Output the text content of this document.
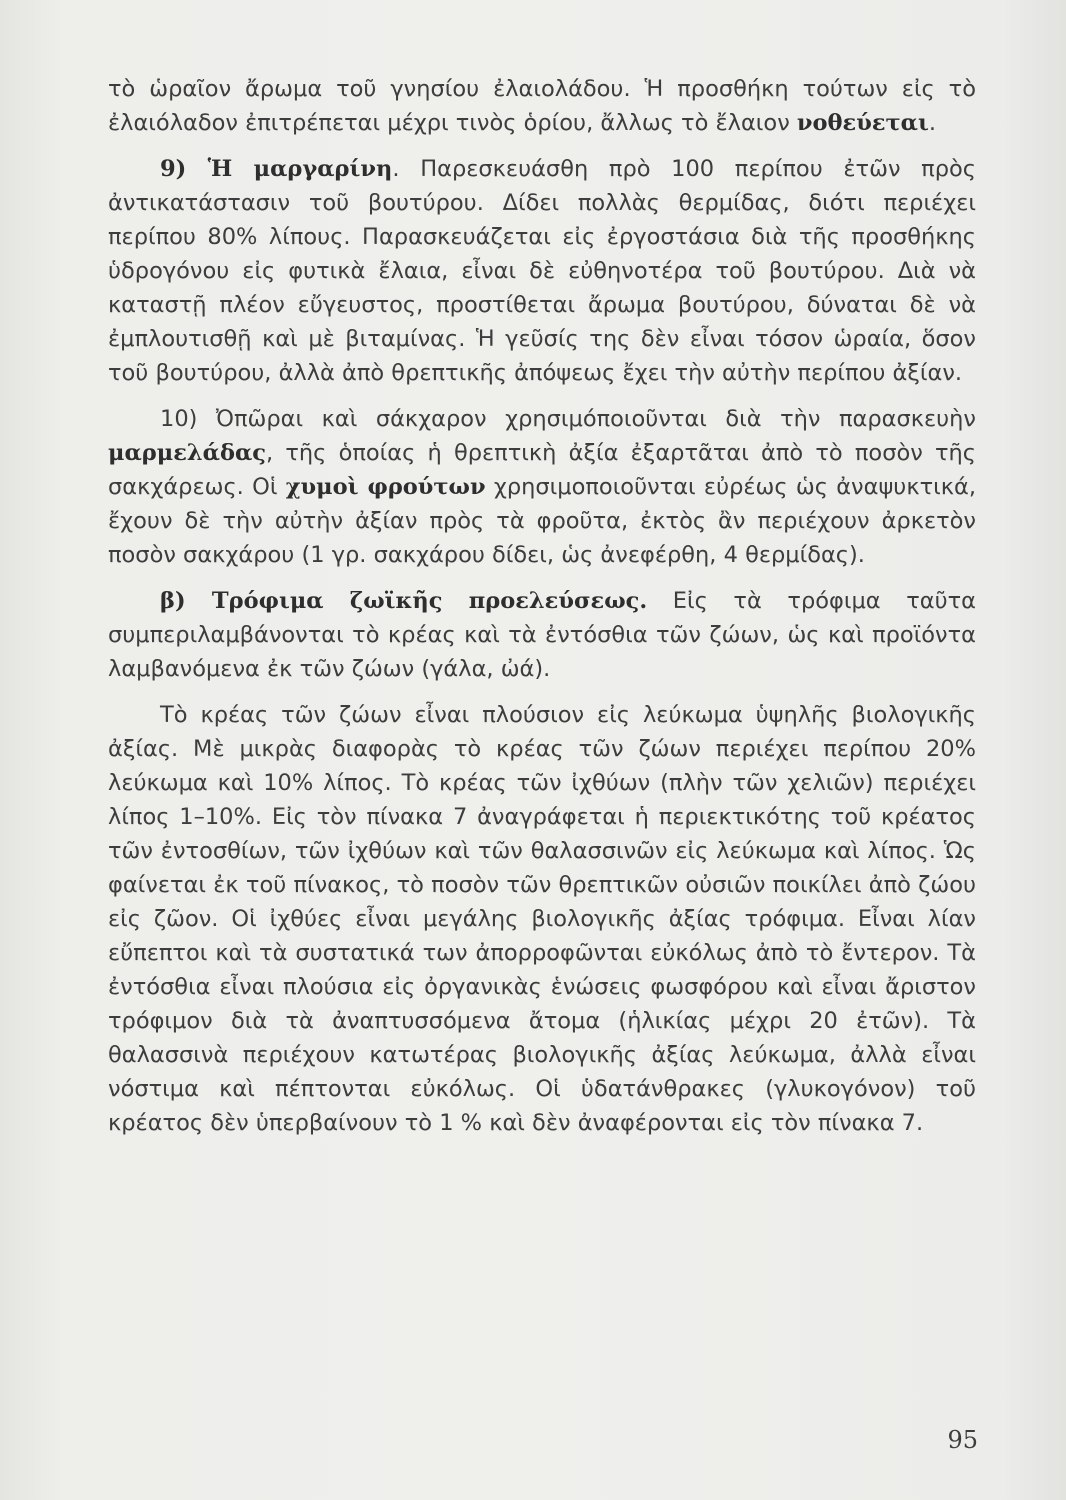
τὸ ὡραῖον ἄρωμα τοῦ γνησίου ἐλαιολάδου. Ἡ προσθήκη τούτων εἰς τὸ ἐλαιόλαδον ἐπιτρέπεται μέχρι τινὸς ὁρίου, ἄλλως τὸ ἔλαιον νοθεύεται.

9) Ἡ μαργαρίνη. Παρεσκευάσθη πρὸ 100 περίπου ἐτῶν πρὸς ἀντικατάστασιν τοῦ βουτύρου. Δίδει πολλὰς θερμίδας, διότι περιέχει περίπου 80% λίπους. Παρασκευάζεται εἰς ἐργοστάσια διὰ τῆς προσθήκης ὑδρογόνου εἰς φυτικὰ ἔλαια, εἶναι δὲ εὐθηνοτέρα τοῦ βουτύρου. Διὰ νὰ καταστῇ πλέον εὔγευστος, προστίθεται ἄρωμα βουτύρου, δύναται δὲ νὰ ἐμπλουτισθῇ καὶ μὲ βιταμίνας. Ἡ γεῦσίς της δὲν εἶναι τόσον ὡραία, ὅσον τοῦ βουτύρου, ἀλλὰ ἀπὸ θρεπτικῆς ἀπόψεως ἔχει τὴν αὐτὴν περίπου ἀξίαν.

10) Ὀπῶραι καὶ σάκχαρον χρησιμόποιοῦνται διὰ τὴν παρασκευὴν μαρμελάδας, τῆς ὁποίας ἡ θρεπτικὴ ἀξία ἐξαρτᾶται ἀπὸ τὸ ποσὸν τῆς σακχάρεως. Οἱ χυμοὶ φρούτων χρησιμοποιοῦνται εὐρέως ὡς ἀναψυκτικά, ἔχουν δὲ τὴν αὐτὴν ἀξίαν πρὸς τὰ φροῦτα, ἐκτὸς ἂν περιέχουν ἀρκετὸν ποσὸν σακχάρου (1 γρ. σακχάρου δίδει, ὡς ἀνεφέρθη, 4 θερμίδας).

β) Τρόφιμα ζωϊκῆς προελεύσεως. Εἰς τὰ τρόφιμα ταῦτα συμπεριλαμβάνονται τὸ κρέας καὶ τὰ ἐντόσθια τῶν ζώων, ὡς καὶ προϊόντα λαμβανόμενα ἐκ τῶν ζώων (γάλα, ὠά).

Τὸ κρέας τῶν ζώων εἶναι πλούσιον εἰς λεύκωμα ὑψηλῆς βιολογικῆς ἀξίας. Μὲ μικρὰς διαφορὰς τὸ κρέας τῶν ζώων περιέχει περίπου 20% λεύκωμα καὶ 10% λίπος. Τὸ κρέας τῶν ἰχθύων (πλὴν τῶν χελιῶν) περιέχει λίπος 1–10%. Εἰς τὸν πίνακα 7 ἀναγράφεται ἡ περιεκτικότης τοῦ κρέατος τῶν ἐντοσθίων, τῶν ἰχθύων καὶ τῶν θαλασσινῶν εἰς λεύκωμα καὶ λίπος. Ὡς φαίνεται ἐκ τοῦ πίνακος, τὸ ποσὸν τῶν θρεπτικῶν οὐσιῶν ποικίλει ἀπὸ ζώου εἰς ζῶον. Οἱ ἰχθύες εἶναι μεγάλης βιολογικῆς ἀξίας τρόφιμα. Εἶναι λίαν εὔπεπτοι καὶ τὰ συστατικά των ἀπορροφῶνται εὐκόλως ἀπὸ τὸ ἔντερον. Τὰ ἐντόσθια εἶναι πλούσια εἰς ὀργανικὰς ἑνώσεις φωσφόρου καὶ εἶναι ἄριστον τρόφιμον διὰ τὰ ἀναπτυσσόμενα ἄτομα (ἡλικίας μέχρι 20 ἐτῶν). Τὰ θαλασσινὰ περιέχουν κατωτέρας βιολογικῆς ἀξίας λεύκωμα, ἀλλὰ εἶναι νόστιμα καὶ πέπτονται εὐκόλως. Οἱ ὑδατάνθρακες (γλυκογόνον) τοῦ κρέατος δὲν ὑπερβαίνουν τὸ 1 % καὶ δὲν ἀναφέρονται εἰς τὸν πίνακα 7.

95
